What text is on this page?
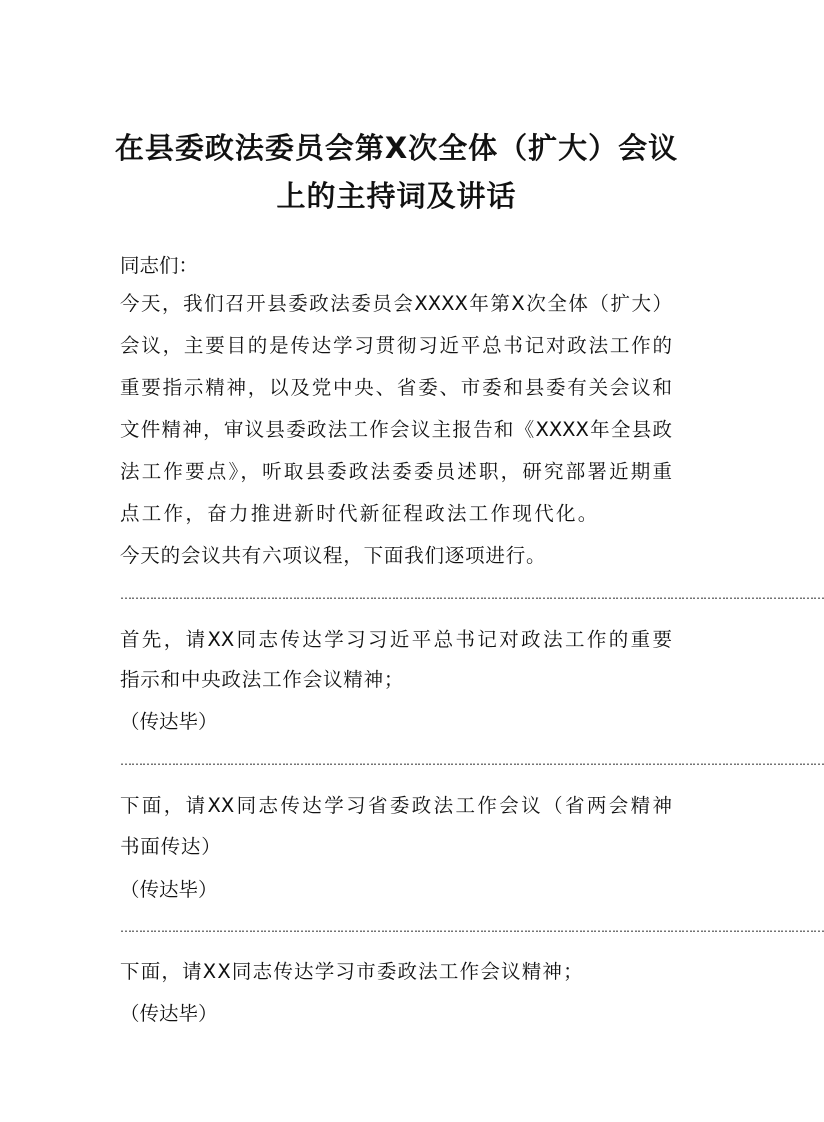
在县委政法委员会第X次全体（扩大）会议
上的主持词及讲话
同志们：
今天，我们召开县委政法委员会XXXX年第X次全体（扩大）
会议，主要目的是传达学习贯彻习近平总书记对政法工作的
重要指示精神，以及党中央、省委、市委和县委有关会议和
文件精神，审议县委政法工作会议主报告和《XXXX年全县政
法工作要点》，听取县委政法委委员述职，研究部署近期重
点工作，奋力推进新时代新征程政法工作现代化。
今天的会议共有六项议程，下面我们逐项进行。
…………………………………………………………………………………………………………………………………………………………………………
首先，请XX同志传达学习习近平总书记对政法工作的重要
指示和中央政法工作会议精神；
（传达毕）
…………………………………………………………………………………………………………………………………………………………………………
下面，请XX同志传达学习省委政法工作会议（省两会精神
书面传达）
（传达毕）
…………………………………………………………………………………………………………………………………………………………………………
下面，请XX同志传达学习市委政法工作会议精神；
（传达毕）
